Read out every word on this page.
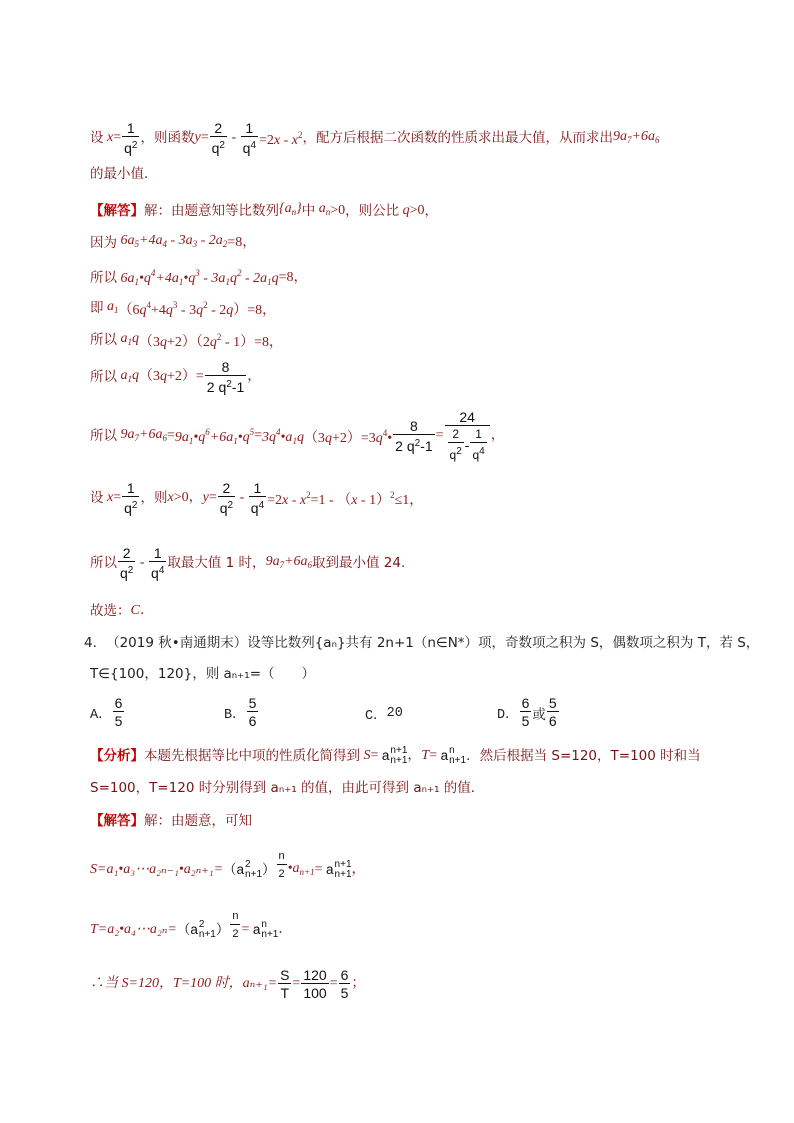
设 $x = \frac{1}{q^2}$ ，则函数 $y = \frac{2}{q^2} - \frac{1}{q^4} =2x - x^2$ ，配方后根据二次函数的性质求出最大值，从而求出 $9a_7+6a_6$
的最小值．
【解答】 解：由题意知等比数列 $\{a_n\}$ 中 $a_n >0$ ，则公比 q >0 ，
因为 $6a_5+4a_4 - 3a_3 - 2a_2 =8$，
所以 $6a_1•q^4+4a_1•q^3 - 3a_1q^2 - 2a_1q =8$，
即 $a_1$ $(6q^4+4q^3 - 3q^2 - 2q)=8$，
所以 $a_1q$ $(3q+2)(2q^2 - 1)=8$，
所以 $a_1q$ $(3q+2)= \frac{8}{2 q^2-1}$ ，
所以 $9a_7+6a_6$ = $9a_1•q^6+6a_1•q^5$ = $3q^4•a_1q$ $(3q+2)=3q^4• \frac{8}{2 q^2-1} = \frac{24}{\frac{2}{q^2} - \frac{1}{q^4}}$ ，
设 $x = \frac{1}{q^2}$ ，则 x >0， $y = \frac{2}{q^2} - \frac{1}{q^4} =2x - x^2=1 - (x - 1)^2\le 1$，
所以 $\frac{2}{q^2} - \frac{1}{q^4}$ 取最大值 1 时， $9a_7+6a_6$ 取到最小值 24．
故选： C．
4． （2019 秋•南通期末） 设等比数列{aₙ}共有 2n+1（n∈N*）项，奇数项之积为 S，偶数项之积为 T，若 S，
T∈{100，120}，则 aₙ₊₁=（　　）
A． $\frac{6}{5}$	B． $\frac{5}{6}$	C． 20	D． $\frac{6}{5}$ 或 $\frac{5}{6}$
【分析】 本题先根据等比中项的性质化简得到 S = a n+1
n+1 ， T = a n
n+1 ．然后根据当 S=120，T=100 时和当
S=100，T=120 时分别得到 aₙ₊₁ 的值，由此可得到 aₙ₊₁ 的值．
【解答】 解：由题意，可知
S=a₁•a₃⋯a₂ₙ₋₁•a₂ₙ₊₁= （a 2
n+1 ） $\frac{n}{2}$ $•a_{n+1} = a$ n+1
n+1 ，
T=a₂•a₄⋯a₂ₙ= （a 2
n+1 ） $\frac{n}{2} = a$ n
n+1 ．
∴当 S=120，T=100 时，$a_{n+1}= \frac{S}{T} = \frac{120}{100} = \frac{6}{5}$ ；
